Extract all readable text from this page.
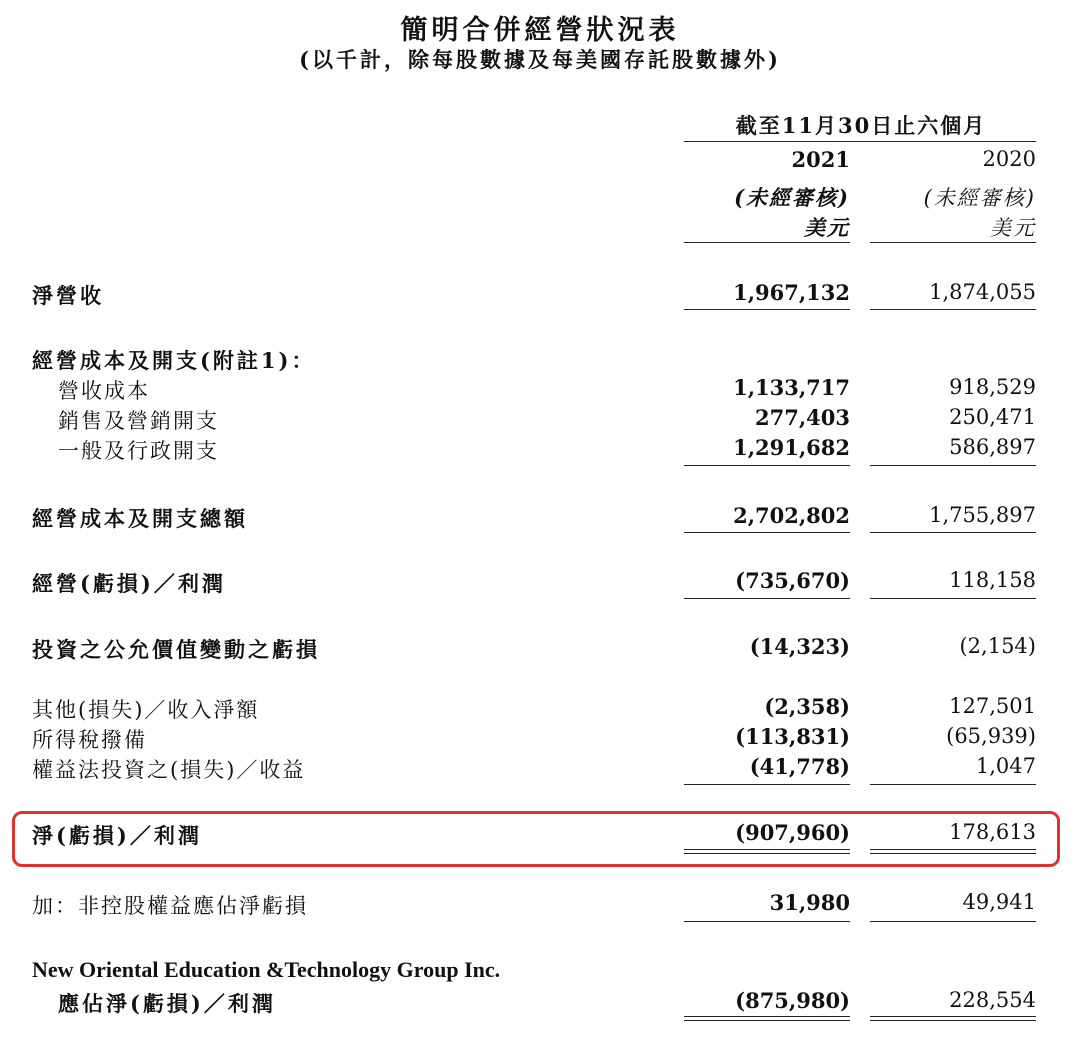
簡明合併經營狀況表
(以千計，除每股數據及每美國存託股數據外)
截至11月30日止六個月
2021	2020
(未經審核)	(未經審核)
美元	美元
淨營收	1,967,132	1,874,055
經營成本及開支(附註1)：
營收成本	1,133,717	918,529
銷售及營銷開支	277,403	250,471
一般及行政開支	1,291,682	586,897
經營成本及開支總額	2,702,802	1,755,897
經營(虧損)／利潤	(735,670)	118,158
投資之公允價值變動之虧損	(14,323)	(2,154)
其他(損失)／收入淨額	(2,358)	127,501
所得稅撥備	(113,831)	(65,939)
權益法投資之(損失)／收益	(41,778)	1,047
淨(虧損)／利潤	(907,960)	178,613
加：非控股權益應佔淨虧損	31,980	49,941
New Oriental Education &Technology Group Inc.
應佔淨(虧損)／利潤	(875,980)	228,554
